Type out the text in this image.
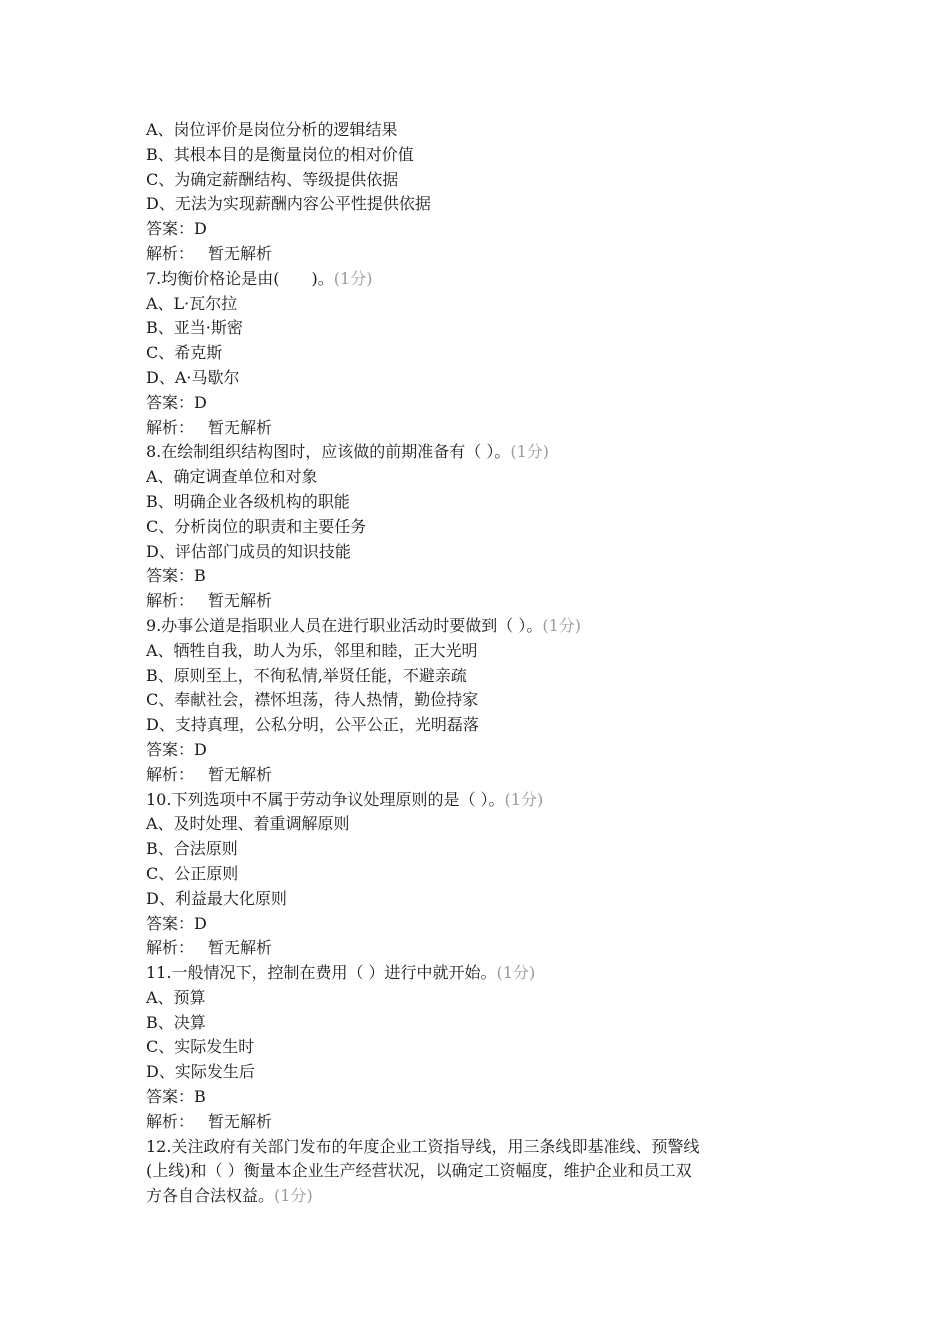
A、岗位评价是岗位分析的逻辑结果
B、其根本目的是衡量岗位的相对价值
C、为确定薪酬结构、等级提供依据
D、无法为实现薪酬内容公平性提供依据
答案：D
解析： 暂无解析
7.均衡价格论是由(　　)。(1分)
A、L·瓦尔拉
B、亚当·斯密
C、希克斯
D、A·马歇尔
答案：D
解析： 暂无解析
8.在绘制组织结构图时，应该做的前期准备有（ ）。(1分)
A、确定调查单位和对象
B、明确企业各级机构的职能
C、分析岗位的职责和主要任务
D、评估部门成员的知识技能
答案：B
解析： 暂无解析
9.办事公道是指职业人员在进行职业活动时要做到（ ）。(1分)
A、牺牲自我，助人为乐，邻里和睦，正大光明
B、原则至上，不徇私情,举贤任能，不避亲疏
C、奉献社会，襟怀坦荡，待人热情，勤俭持家
D、支持真理，公私分明，公平公正，光明磊落
答案：D
解析： 暂无解析
10.下列选项中不属于劳动争议处理原则的是（ ）。(1分)
A、及时处理、着重调解原则
B、合法原则
C、公正原则
D、利益最大化原则
答案：D
解析： 暂无解析
11.一般情况下，控制在费用（ ）进行中就开始。(1分)
A、预算
B、决算
C、实际发生时
D、实际发生后
答案：B
解析： 暂无解析
12.关注政府有关部门发布的年度企业工资指导线，用三条线即基准线、预警线
(上线)和（ ）衡量本企业生产经营状况，以确定工资幅度，维护企业和员工双
方各自合法权益。(1分)
